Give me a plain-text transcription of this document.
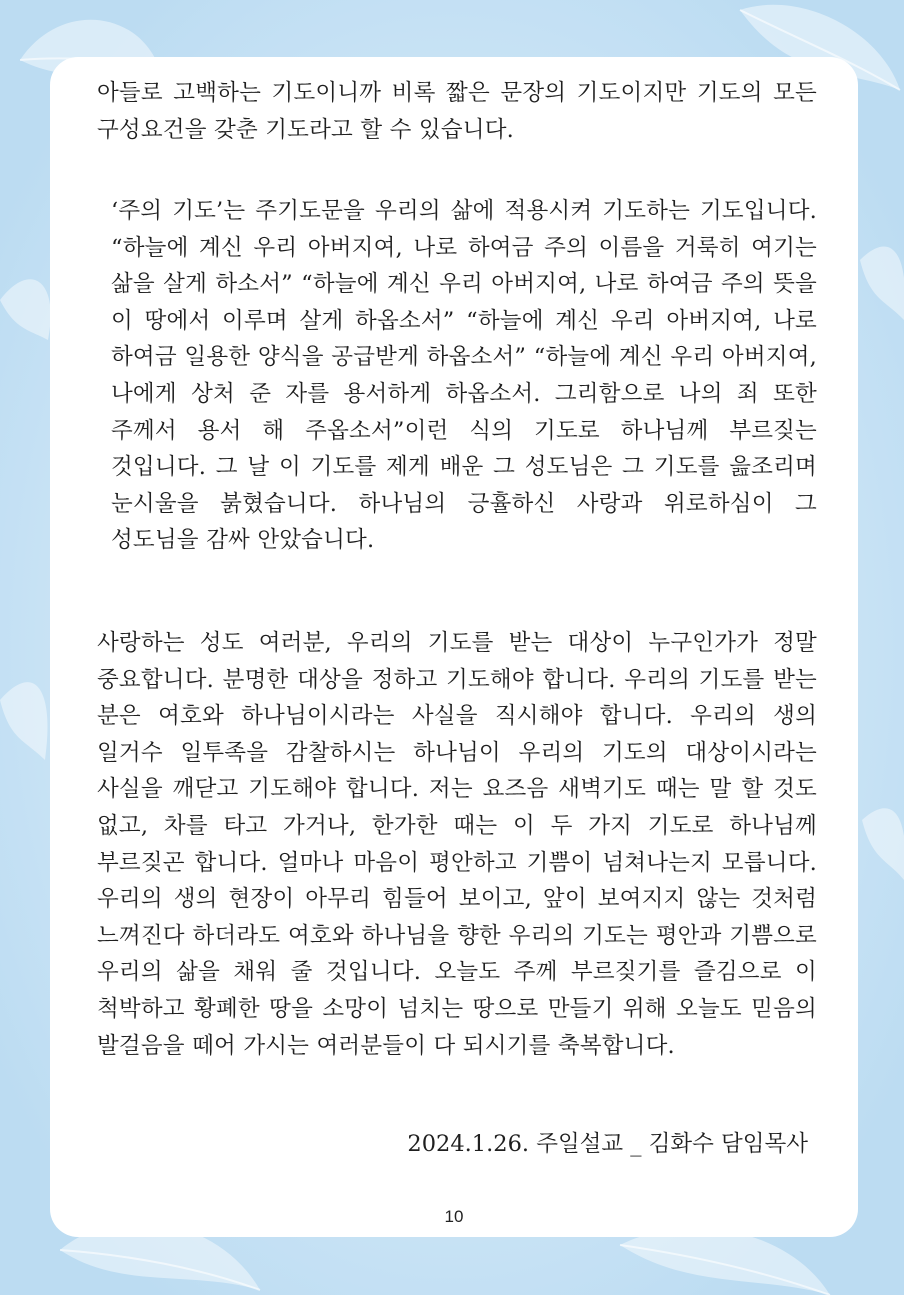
아들로 고백하는 기도이니까 비록 짧은 문장의 기도이지만 기도의 모든 구성요건을 갖춘 기도라고 할 수 있습니다.

‘주의 기도’는 주기도문을 우리의 삶에 적용시켜 기도하는 기도입니다. “하늘에 계신 우리 아버지여, 나로 하여금 주의 이름을 거룩히 여기는 삶을 살게 하소서” “하늘에 계신 우리 아버지여, 나로 하여금 주의 뜻을 이 땅에서 이루며 살게 하옵소서” “하늘에 계신 우리 아버지여, 나로 하여금 일용한 양식을 공급받게 하옵소서” “하늘에 계신 우리 아버지여, 나에게 상처 준 자를 용서하게 하옵소서. 그리함으로 나의 죄 또한 주께서 용서 해 주옵소서”이런 식의 기도로 하나님께 부르짖는 것입니다. 그 날 이 기도를 제게 배운 그 성도님은 그 기도를 읊조리며 눈시울을 붉혔습니다. 하나님의 긍휼하신 사랑과 위로하심이 그 성도님을 감싸 안았습니다.

사랑하는 성도 여러분, 우리의 기도를 받는 대상이 누구인가가 정말 중요합니다. 분명한 대상을 정하고 기도해야 합니다. 우리의 기도를 받는 분은 여호와 하나님이시라는 사실을 직시해야 합니다. 우리의 생의 일거수 일투족을 감찰하시는 하나님이 우리의 기도의 대상이시라는 사실을 깨닫고 기도해야 합니다. 저는 요즈음 새벽기도 때는 말 할 것도 없고, 차를 타고 가거나, 한가한 때는 이 두 가지 기도로 하나님께 부르짖곤 합니다. 얼마나 마음이 평안하고 기쁨이 넘쳐나는지 모릅니다. 우리의 생의 현장이 아무리 힘들어 보이고, 앞이 보여지지 않는 것처럼 느껴진다 하더라도 여호와 하나님을 향한 우리의 기도는 평안과 기쁨으로 우리의 삶을 채워 줄 것입니다. 오늘도 주께 부르짖기를 즐김으로 이 척박하고 황폐한 땅을 소망이 넘치는 땅으로 만들기 위해 오늘도 믿음의 발걸음을 떼어 가시는 여러분들이 다 되시기를 축복합니다.

2024.1.26. 주일설교 _ 김화수 담임목사

10
